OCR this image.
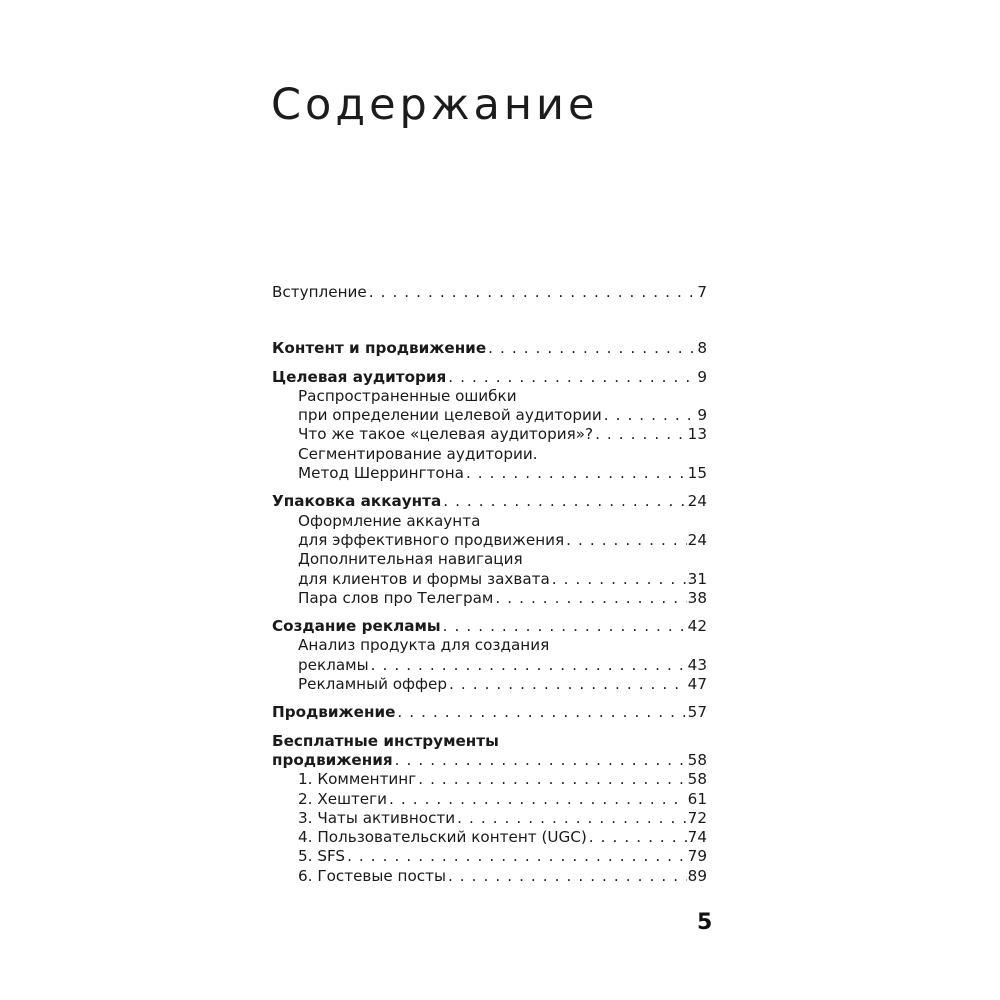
Содержание
Вступление . . .	7
Контент и продвижение . . .	8
Целевая аудитория . . .	9
Распространенные ошибки
при определении целевой аудитории . . .	9
Что же такое «целевая аудитория»? . . .	13
Сегментирование аудитории.
Метод Шеррингтона . . .	15
Упаковка аккаунта . . .	24
Оформление аккаунта
для эффективного продвижения . . .	24
Дополнительная навигация
для клиентов и формы захвата . . .	31
Пара слов про Телеграм . . .	38
Создание рекламы . . .	42
Анализ продукта для создания
рекламы . . .	43
Рекламный оффер . . .	47
Продвижение . . .	57
Бесплатные инструменты
продвижения . . .	58
1. Комментинг . . .	58
2. Хештеги . . .	61
3. Чаты активности . . .	72
4. Пользовательский контент (UGC) . . .	74
5. SFS . . .	79
6. Гостевые посты . . .	89
5
